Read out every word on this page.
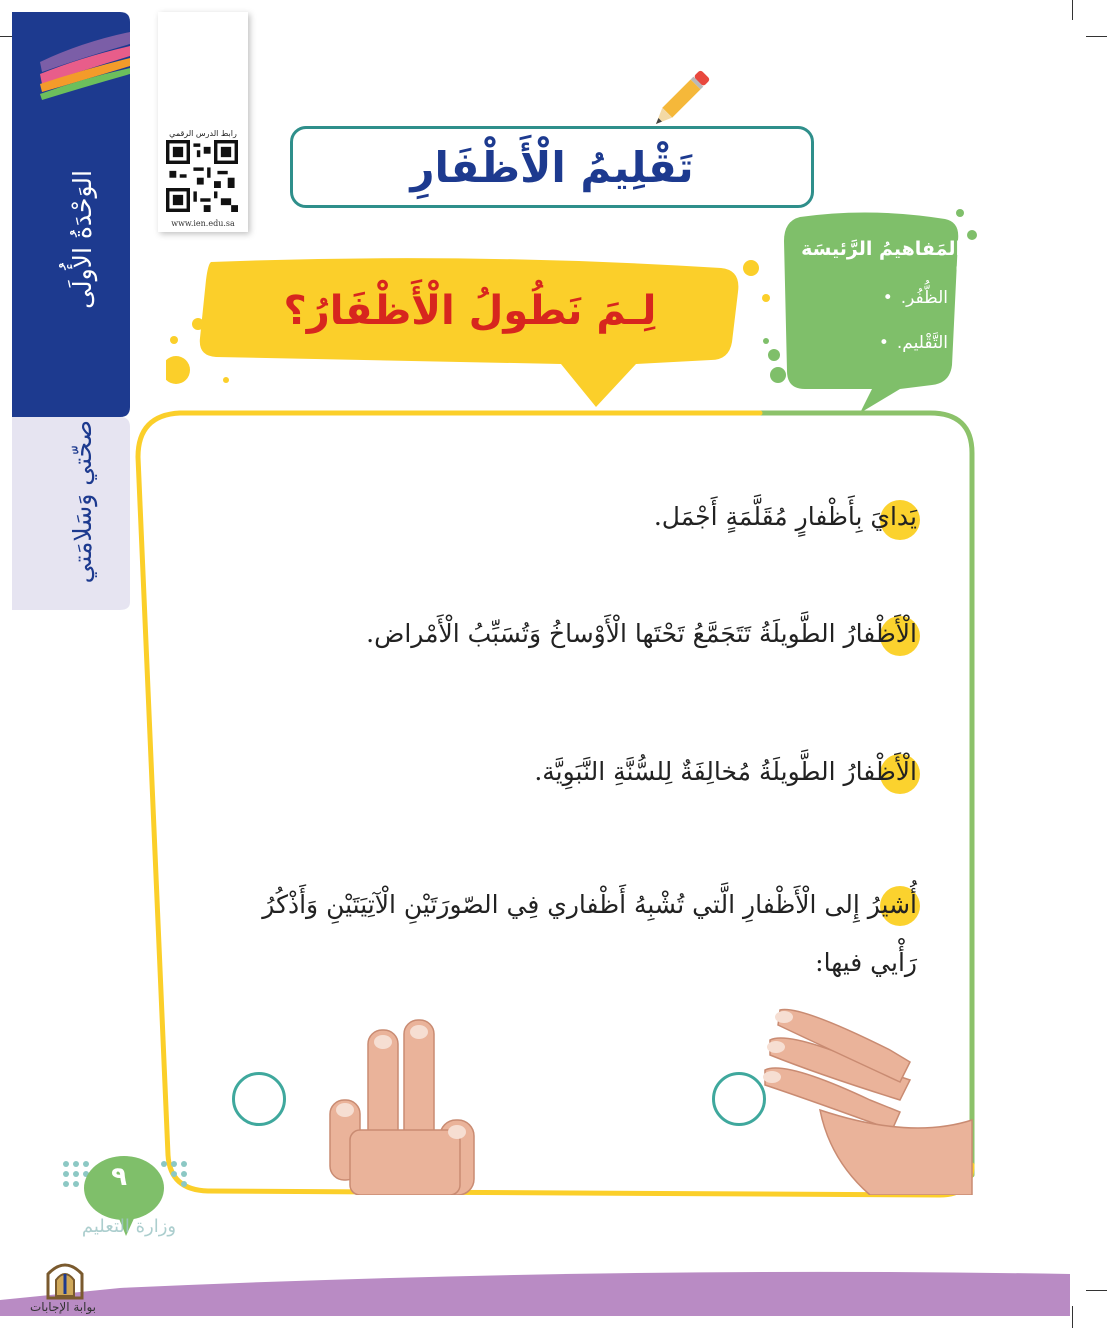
الوَحْدَةُ الأُولَى
صحّتي وَسَلامَتي
رابط الدرس الرقمي
www.ien.edu.sa
تَقْلِيمُ الْأَظْفَارِ
لِـمَ نَطُولُ الْأَظْفَارُ؟
المَفاهيمُ الرَّئيسَة :
الظُّفُر. •
التَّقْليم. •
يَدايَ بِأَظْفارٍ مُقَلَّمَةٍ أَجْمَل.
الْأَظْفارُ الطَّويلَةُ تَتَجَمَّعُ تَحْتَها الْأَوْساخُ وَتُسَبِّبُ الْأَمْراض.
الْأَظْفارُ الطَّويلَةُ مُخالِفَةٌ لِلسُّنَّةِ النَّبَوِيَّة.
أُشيرُ إِلى الْأَظْفارِ الَّتي تُشْبِهُ أَظْفاري فِي الصّورَتَيْنِ الْآتِيَتَيْنِ وَأَذْكُرُ رَأْيي فيها:
٩
وزارة التعليم
بوابة الإجابات
